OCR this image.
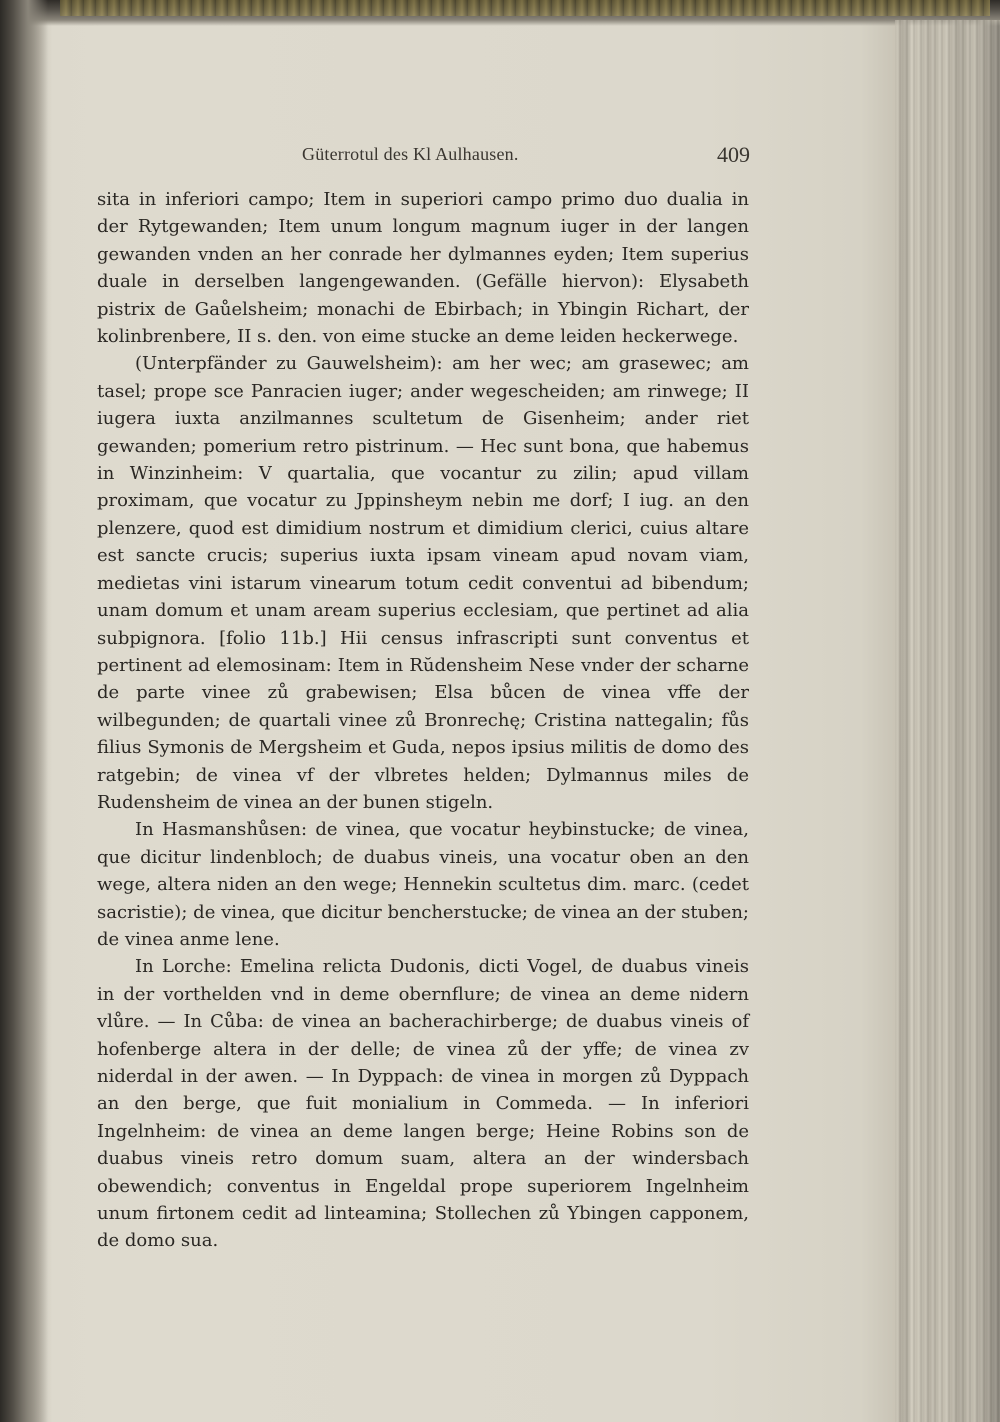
Güterrotul des Kl Aulhausen.	409

sita in inferiori campo; Item in superiori campo primo duo dualia in der Rytgewanden; Item unum longum magnum iuger in der langen gewanden vnden an her conrade her dylmannes eyden; Item superius duale in derselben langengewanden. (Gefälle hiervon): Elysabeth pistrix de Gaůelsheim; monachi de Ebirbach; in Ybingin Richart, der kolinbrenbere, II s. den. von eime stucke an deme leiden heckerwege.

(Unterpfänder zu Gauwelsheim): am her wec; am grasewec; am tasel; prope sce Panracien iuger; ander wegescheiden; am rinwege; II iugera iuxta anzilmannes scultetum de Gisenheim; ander riet gewanden; pomerium retro pistrinum. — Hec sunt bona, que habemus in Winzinheim: V quartalia, que vocantur zu zilin; apud villam proximam, que vocatur zu Jppinsheym nebin me dorf; I iug. an den plenzere, quod est dimidium nostrum et dimidium clerici, cuius altare est sancte crucis; superius iuxta ipsam vineam apud novam viam, medietas vini istarum vinearum totum cedit conventui ad bibendum; unam domum et unam aream superius ecclesiam, que pertinet ad alia subpignora. [folio 11b.] Hii census infrascripti sunt conventus et pertinent ad elemosinam: Item in Rŭdensheim Nese vnder der scharne de parte vinee zů grabewisen; Elsa bůcen de vinea vffe der wilbegunden; de quartali vinee zů Bronrechę; Cristina nattegalin; fůs filius Symonis de Mergsheim et Guda, nepos ipsius militis de domo des ratgebin; de vinea vf der vlbretes helden; Dylmannus miles de Rudensheim de vinea an der bunen stigeln.

In Hasmanshůsen: de vinea, que vocatur heybinstucke; de vinea, que dicitur lindenbloch; de duabus vineis, una vocatur oben an den wege, altera niden an den wege; Hennekin scultetus dim. marc. (cedet sacristie); de vinea, que dicitur bencherstucke; de vinea an der stuben; de vinea anme lene.

In Lorche: Emelina relicta Dudonis, dicti Vogel, de duabus vineis in der vorthelden vnd in deme obernflure; de vinea an deme nidern vlůre. — In Cůba: de vinea an bacherachirberge; de duabus vineis of hofenberge altera in der delle; de vinea zů der yffe; de vinea zv niderdal in der awen. — In Dyppach: de vinea in morgen zů Dyppach an den berge, que fuit monialium in Commeda. — In inferiori Ingelnheim: de vinea an deme langen berge; Heine Robins son de duabus vineis retro domum suam, altera an der windersbach obewendich; conventus in Engeldal prope superiorem Ingelnheim unum firtonem cedit ad linteamina; Stollechen zů Ybingen capponem, de domo sua.
